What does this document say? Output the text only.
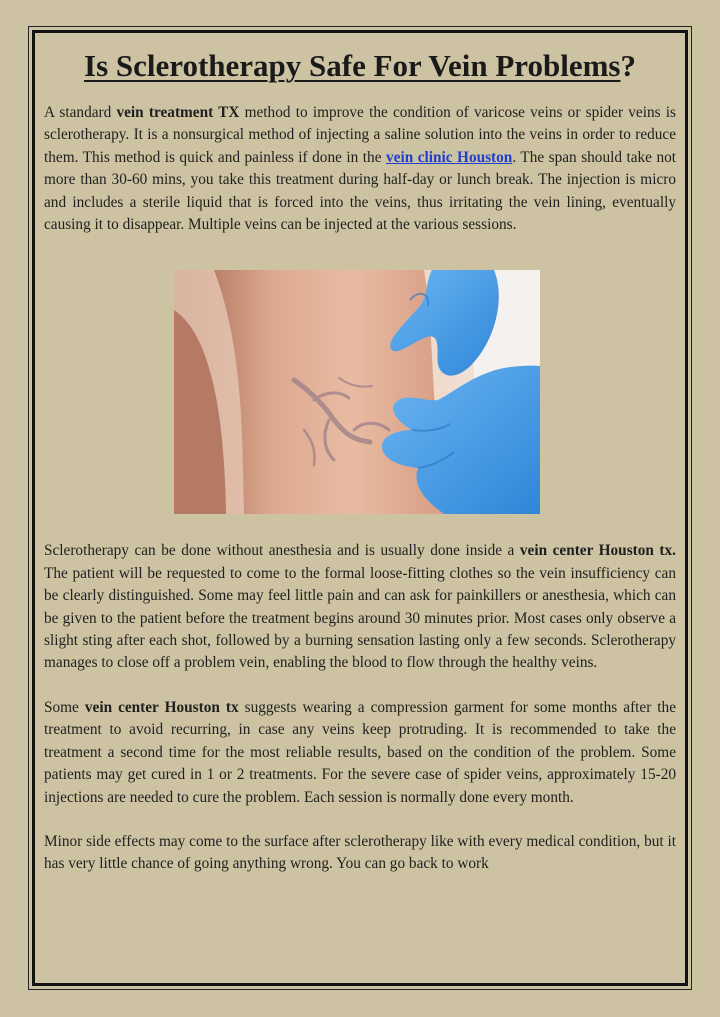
Is Sclerotherapy Safe For Vein Problems?

A standard vein treatment TX method to improve the condition of varicose veins or spider veins is sclerotherapy. It is a nonsurgical method of injecting a saline solution into the veins in order to reduce them. This method is quick and painless if done in the vein clinic Houston. The span should take not more than 30-60 mins, you take this treatment during half-day or lunch break. The injection is micro and includes a sterile liquid that is forced into the veins, thus irritating the vein lining, eventually causing it to disappear. Multiple veins can be injected at the various sessions.

Sclerotherapy can be done without anesthesia and is usually done inside a vein center Houston tx. The patient will be requested to come to the formal loose-fitting clothes so the vein insufficiency can be clearly distinguished. Some may feel little pain and can ask for painkillers or anesthesia, which can be given to the patient before the treatment begins around 30 minutes prior. Most cases only observe a slight sting after each shot, followed by a burning sensation lasting only a few seconds. Sclerotherapy manages to close off a problem vein, enabling the blood to flow through the healthy veins.

Some vein center Houston tx suggests wearing a compression garment for some months after the treatment to avoid recurring, in case any veins keep protruding. It is recommended to take the treatment a second time for the most reliable results, based on the condition of the problem. Some patients may get cured in 1 or 2 treatments. For the severe case of spider veins, approximately 15-20 injections are needed to cure the problem. Each session is normally done every month.

Minor side effects may come to the surface after sclerotherapy like with every medical condition, but it has very little chance of going anything wrong. You can go back to work
